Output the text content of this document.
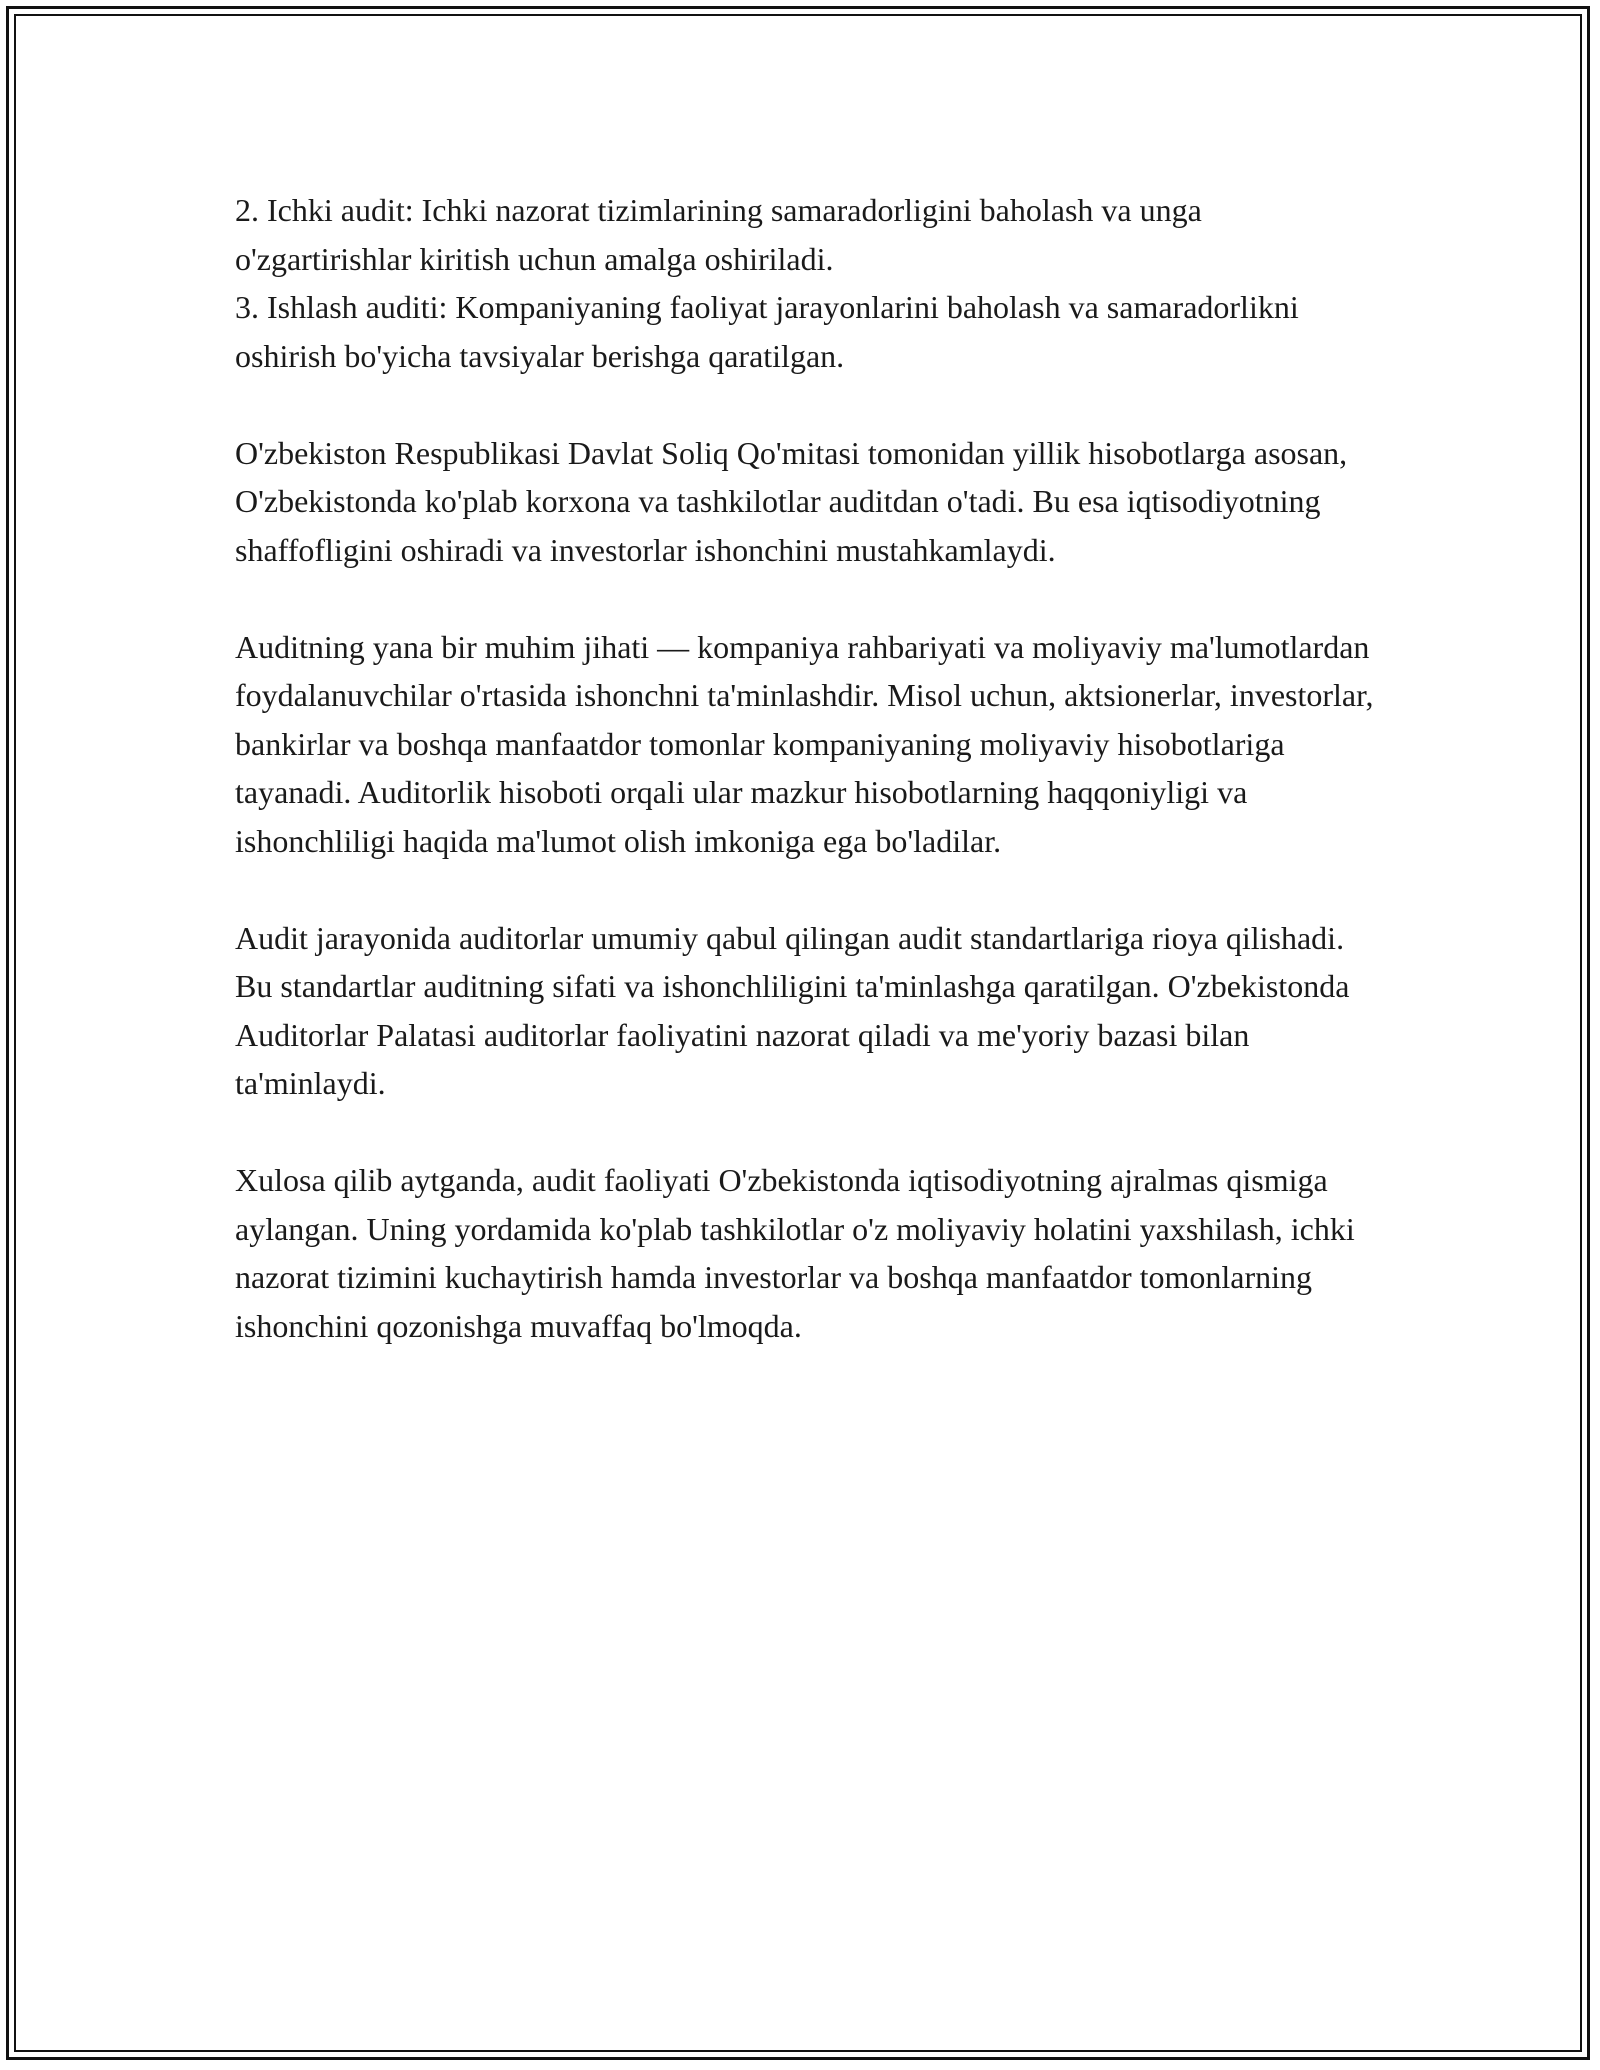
2. Ichki audit: Ichki nazorat tizimlarining samaradorligini baholash va unga o'zgartirishlar kiritish uchun amalga oshiriladi.

3. Ishlash auditi: Kompaniyaning faoliyat jarayonlarini baholash va samaradorlikni oshirish bo'yicha tavsiyalar berishga qaratilgan.

O'zbekiston Respublikasi Davlat Soliq Qo'mitasi tomonidan yillik hisobotlarga asosan, O'zbekistonda ko'plab korxona va tashkilotlar auditdan o'tadi. Bu esa iqtisodiyotning shaffofligini oshiradi va investorlar ishonchini mustahkamlaydi.

Auditning yana bir muhim jihati — kompaniya rahbariyati va moliyaviy ma'lumotlardan foydalanuvchilar o'rtasida ishonchni ta'minlashdir. Misol uchun, aktsionerlar, investorlar, bankirlar va boshqa manfaatdor tomonlar kompaniyaning moliyaviy hisobotlariga tayanadi. Auditorlik hisoboti orqali ular mazkur hisobotlarning haqqoniyligi va ishonchliligi haqida ma'lumot olish imkoniga ega bo'ladilar.

Audit jarayonida auditorlar umumiy qabul qilingan audit standartlariga rioya qilishadi. Bu standartlar auditning sifati va ishonchliligini ta'minlashga qaratilgan. O'zbekistonda Auditorlar Palatasi auditorlar faoliyatini nazorat qiladi va me'yoriy bazasi bilan ta'minlaydi.

Xulosa qilib aytganda, audit faoliyati O'zbekistonda iqtisodiyotning ajralmas qismiga aylangan. Uning yordamida ko'plab tashkilotlar o'z moliyaviy holatini yaxshilash, ichki nazorat tizimini kuchaytirish hamda investorlar va boshqa manfaatdor tomonlarning ishonchini qozonishga muvaffaq bo'lmoqda.
